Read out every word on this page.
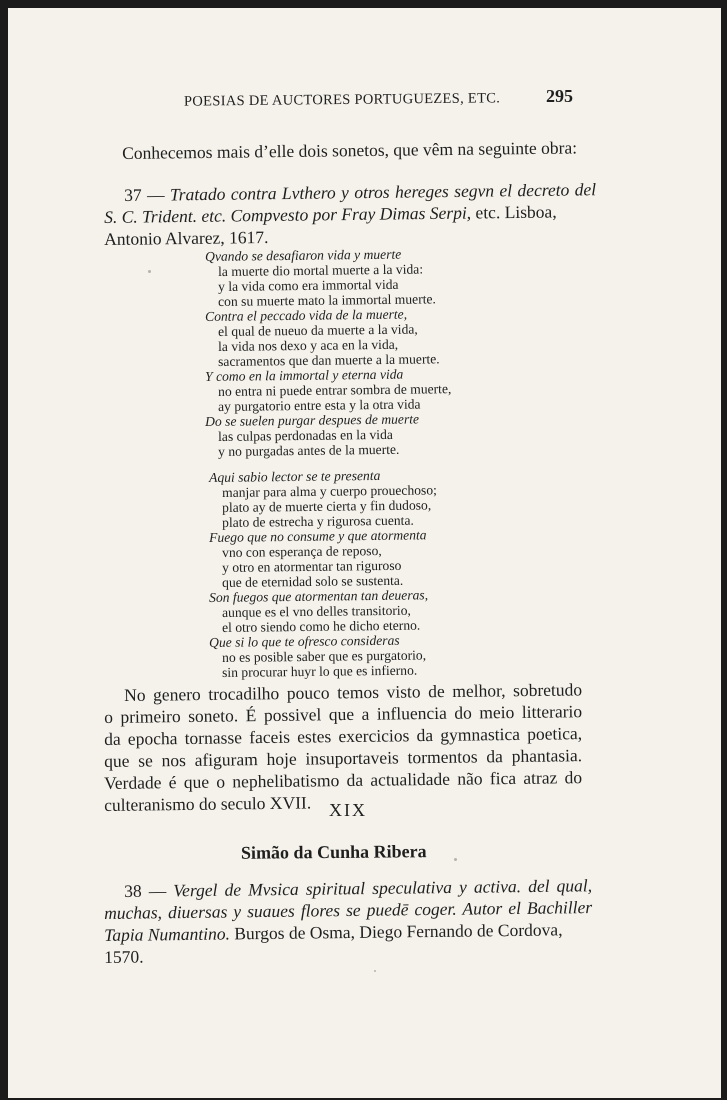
POESIAS DE AUCTORES PORTUGUEZES, ETC.	295
Conhecemos mais d’elle dois sonetos, que vêm na seguinte obra:
37 — Tratado contra Lvthero y otros hereges segvn el decreto del
S. C. Trident. etc. Compvesto por Fray Dimas Serpi, etc. Lisboa,
Antonio Alvarez, 1617.
Qvando se desafiaron vida y muerte
la muerte dio mortal muerte a la vida:
y la vida como era immortal vida
con su muerte mato la immortal muerte.
Contra el peccado vida de la muerte,
el qual de nueuo da muerte a la vida,
la vida nos dexo y aca en la vida,
sacramentos que dan muerte a la muerte.
Y como en la immortal y eterna vida
no entra ni puede entrar sombra de muerte,
ay purgatorio entre esta y la otra vida
Do se suelen purgar despues de muerte
las culpas perdonadas en la vida
y no purgadas antes de la muerte.
Aqui sabio lector se te presenta
manjar para alma y cuerpo prouechoso;
plato ay de muerte cierta y fin dudoso,
plato de estrecha y rigurosa cuenta.
Fuego que no consume y que atormenta
vno con esperança de reposo,
y otro en atormentar tan riguroso
que de eternidad solo se sustenta.
Son fuegos que atormentan tan deueras,
aunque es el vno delles transitorio,
el otro siendo como he dicho eterno.
Que si lo que te ofresco consideras
no es posible saber que es purgatorio,
sin procurar huyr lo que es infierno.
No genero trocadilho pouco temos visto de melhor, sobretudo
o primeiro soneto. É possivel que a influencia do meio litterario
da epocha tornasse faceis estes exercicios da gymnastica poetica,
que se nos afiguram hoje insuportaveis tormentos da phantasia.
Verdade é que o nephelibatismo da actualidade não fica atraz do
culteranismo do seculo XVII. XIX
Simão da Cunha Ribera
38 — Vergel de Mvsica spiritual speculativa y activa. del qual,
muchas, diuersas y suaues flores se puedē coger. Autor el Bachiller
Tapia Numantino. Burgos de Osma, Diego Fernando de Cordova,
1570.
